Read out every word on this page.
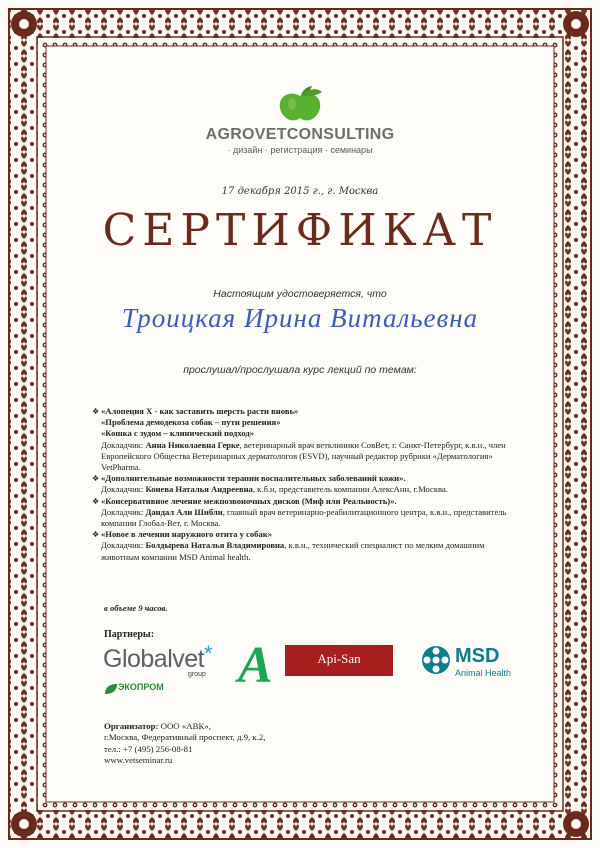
AGROVETCONSULTING
· дизайн · регистрация · семинары
17 декабря 2015 г., г. Москва
СЕРТИФИКАТ
Настоящим удостоверяется, что
Троицкая Ирина Витальевна
прослушал/прослушала курс лекций по темам:
❖ «Алопеция Х - как заставить шерсть расти вновь»
«Проблема демодекоза собак – пути решения»
«Кошка с зудом – клинический подход»
Докладчик: Анна Николаевна Герке, ветеринарный врач ветклиники СовВет, г. Санкт-Петербург, к.в.н., член Европейского Общества Ветеринарных дерматологов (ESVD), научный редактор рубрики «Дерматология» VetPharma.
❖ «Дополнительные возможности терапии воспалительных заболеваний кожи».
Докладчик: Конева Наталья Андреевна, к.б.н, представитель компании АлексАнн, г.Москва.
❖ «Консервативное лечение межпозвоночных дисков (Миф или Реальность)».
Докладчик: Дандал Али Шибли, главный врач ветеринарно-реабилитационного центра, к.в.н., представитель компании Глобал-Вет, г. Москва.
❖ «Новое в лечении наружного отита у собак»
Докладчик: Болдырева Наталья Владимировна, к.в.н., технический специалист по мелким домашним животным компании MSD Animal health.
в объеме 9 часов.
Партнеры:
Globalvet*
group A	Api-San	MSD
Animal Health
ЭКОПРОМ
Организатор: ООО «АВК»,
г.Москва, Федеративный проспект, д.9, к.2,
тел.: +7 (495) 256-08-81
www.vetseminar.ru
